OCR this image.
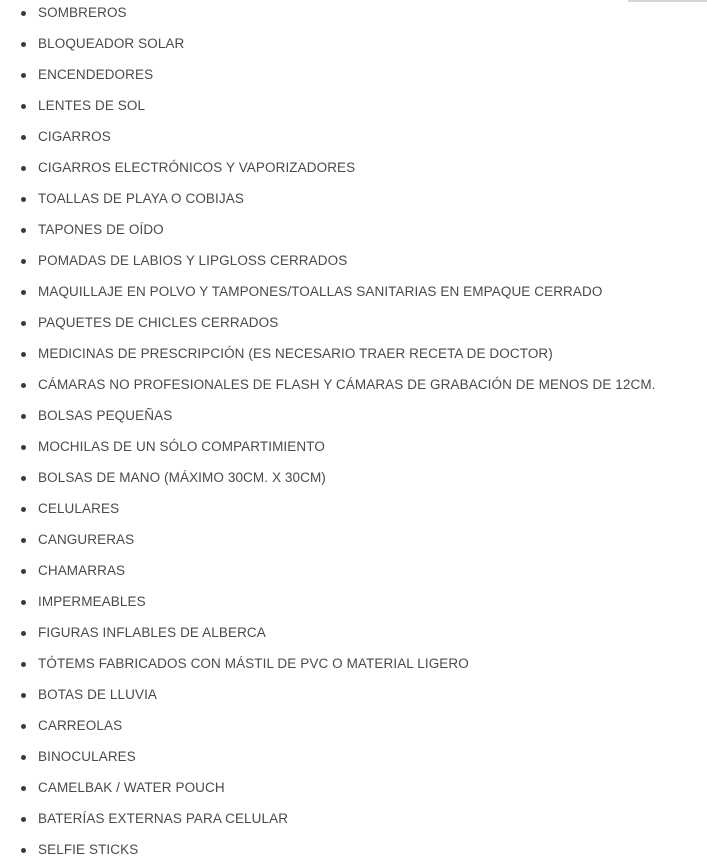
SOMBREROS
BLOQUEADOR SOLAR
ENCENDEDORES
LENTES DE SOL
CIGARROS
CIGARROS ELECTRÓNICOS Y VAPORIZADORES
TOALLAS DE PLAYA O COBIJAS
TAPONES DE OÍDO
POMADAS DE LABIOS Y LIPGLOSS CERRADOS
MAQUILLAJE EN POLVO Y TAMPONES/TOALLAS SANITARIAS EN EMPAQUE CERRADO
PAQUETES DE CHICLES CERRADOS
MEDICINAS DE PRESCRIPCIÓN (ES NECESARIO TRAER RECETA DE DOCTOR)
CÁMARAS NO PROFESIONALES DE FLASH Y CÁMARAS DE GRABACIÓN DE MENOS DE 12CM.
BOLSAS PEQUEÑAS
MOCHILAS DE UN SÓLO COMPARTIMIENTO
BOLSAS DE MANO (MÁXIMO 30CM. X 30CM)
CELULARES
CANGURERAS
CHAMARRAS
IMPERMEABLES
FIGURAS INFLABLES DE ALBERCA
TÓTEMS FABRICADOS CON MÁSTIL DE PVC O MATERIAL LIGERO
BOTAS DE LLUVIA
CARREOLAS
BINOCULARES
CAMELBAK / WATER POUCH
BATERÍAS EXTERNAS PARA CELULAR
SELFIE STICKS
